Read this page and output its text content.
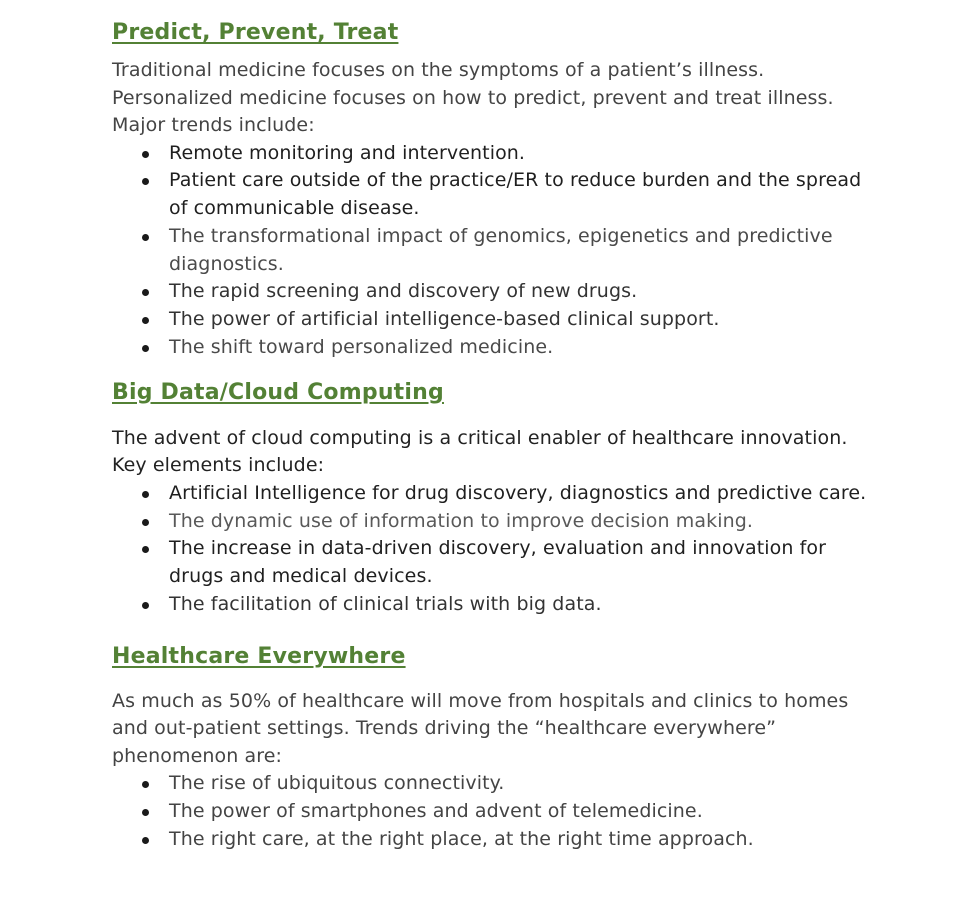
Predict, Prevent, Treat

Traditional medicine focuses on the symptoms of a patient’s illness. Personalized medicine focuses on how to predict, prevent and treat illness. Major trends include:

Remote monitoring and intervention.
Patient care outside of the practice/ER to reduce burden and the spread of communicable disease.
The transformational impact of genomics, epigenetics and predictive diagnostics.
The rapid screening and discovery of new drugs.
The power of artificial intelligence-based clinical support.
The shift toward personalized medicine.
Big Data/Cloud Computing

The advent of cloud computing is a critical enabler of healthcare innovation. Key elements include:

Artificial Intelligence for drug discovery, diagnostics and predictive care.
The dynamic use of information to improve decision making.
The increase in data-driven discovery, evaluation and innovation for drugs and medical devices.
The facilitation of clinical trials with big data.
Healthcare Everywhere

As much as 50% of healthcare will move from hospitals and clinics to homes and out-patient settings. Trends driving the “healthcare everywhere” phenomenon are:

The rise of ubiquitous connectivity.
The power of smartphones and advent of telemedicine.
The right care, at the right place, at the right time approach.
